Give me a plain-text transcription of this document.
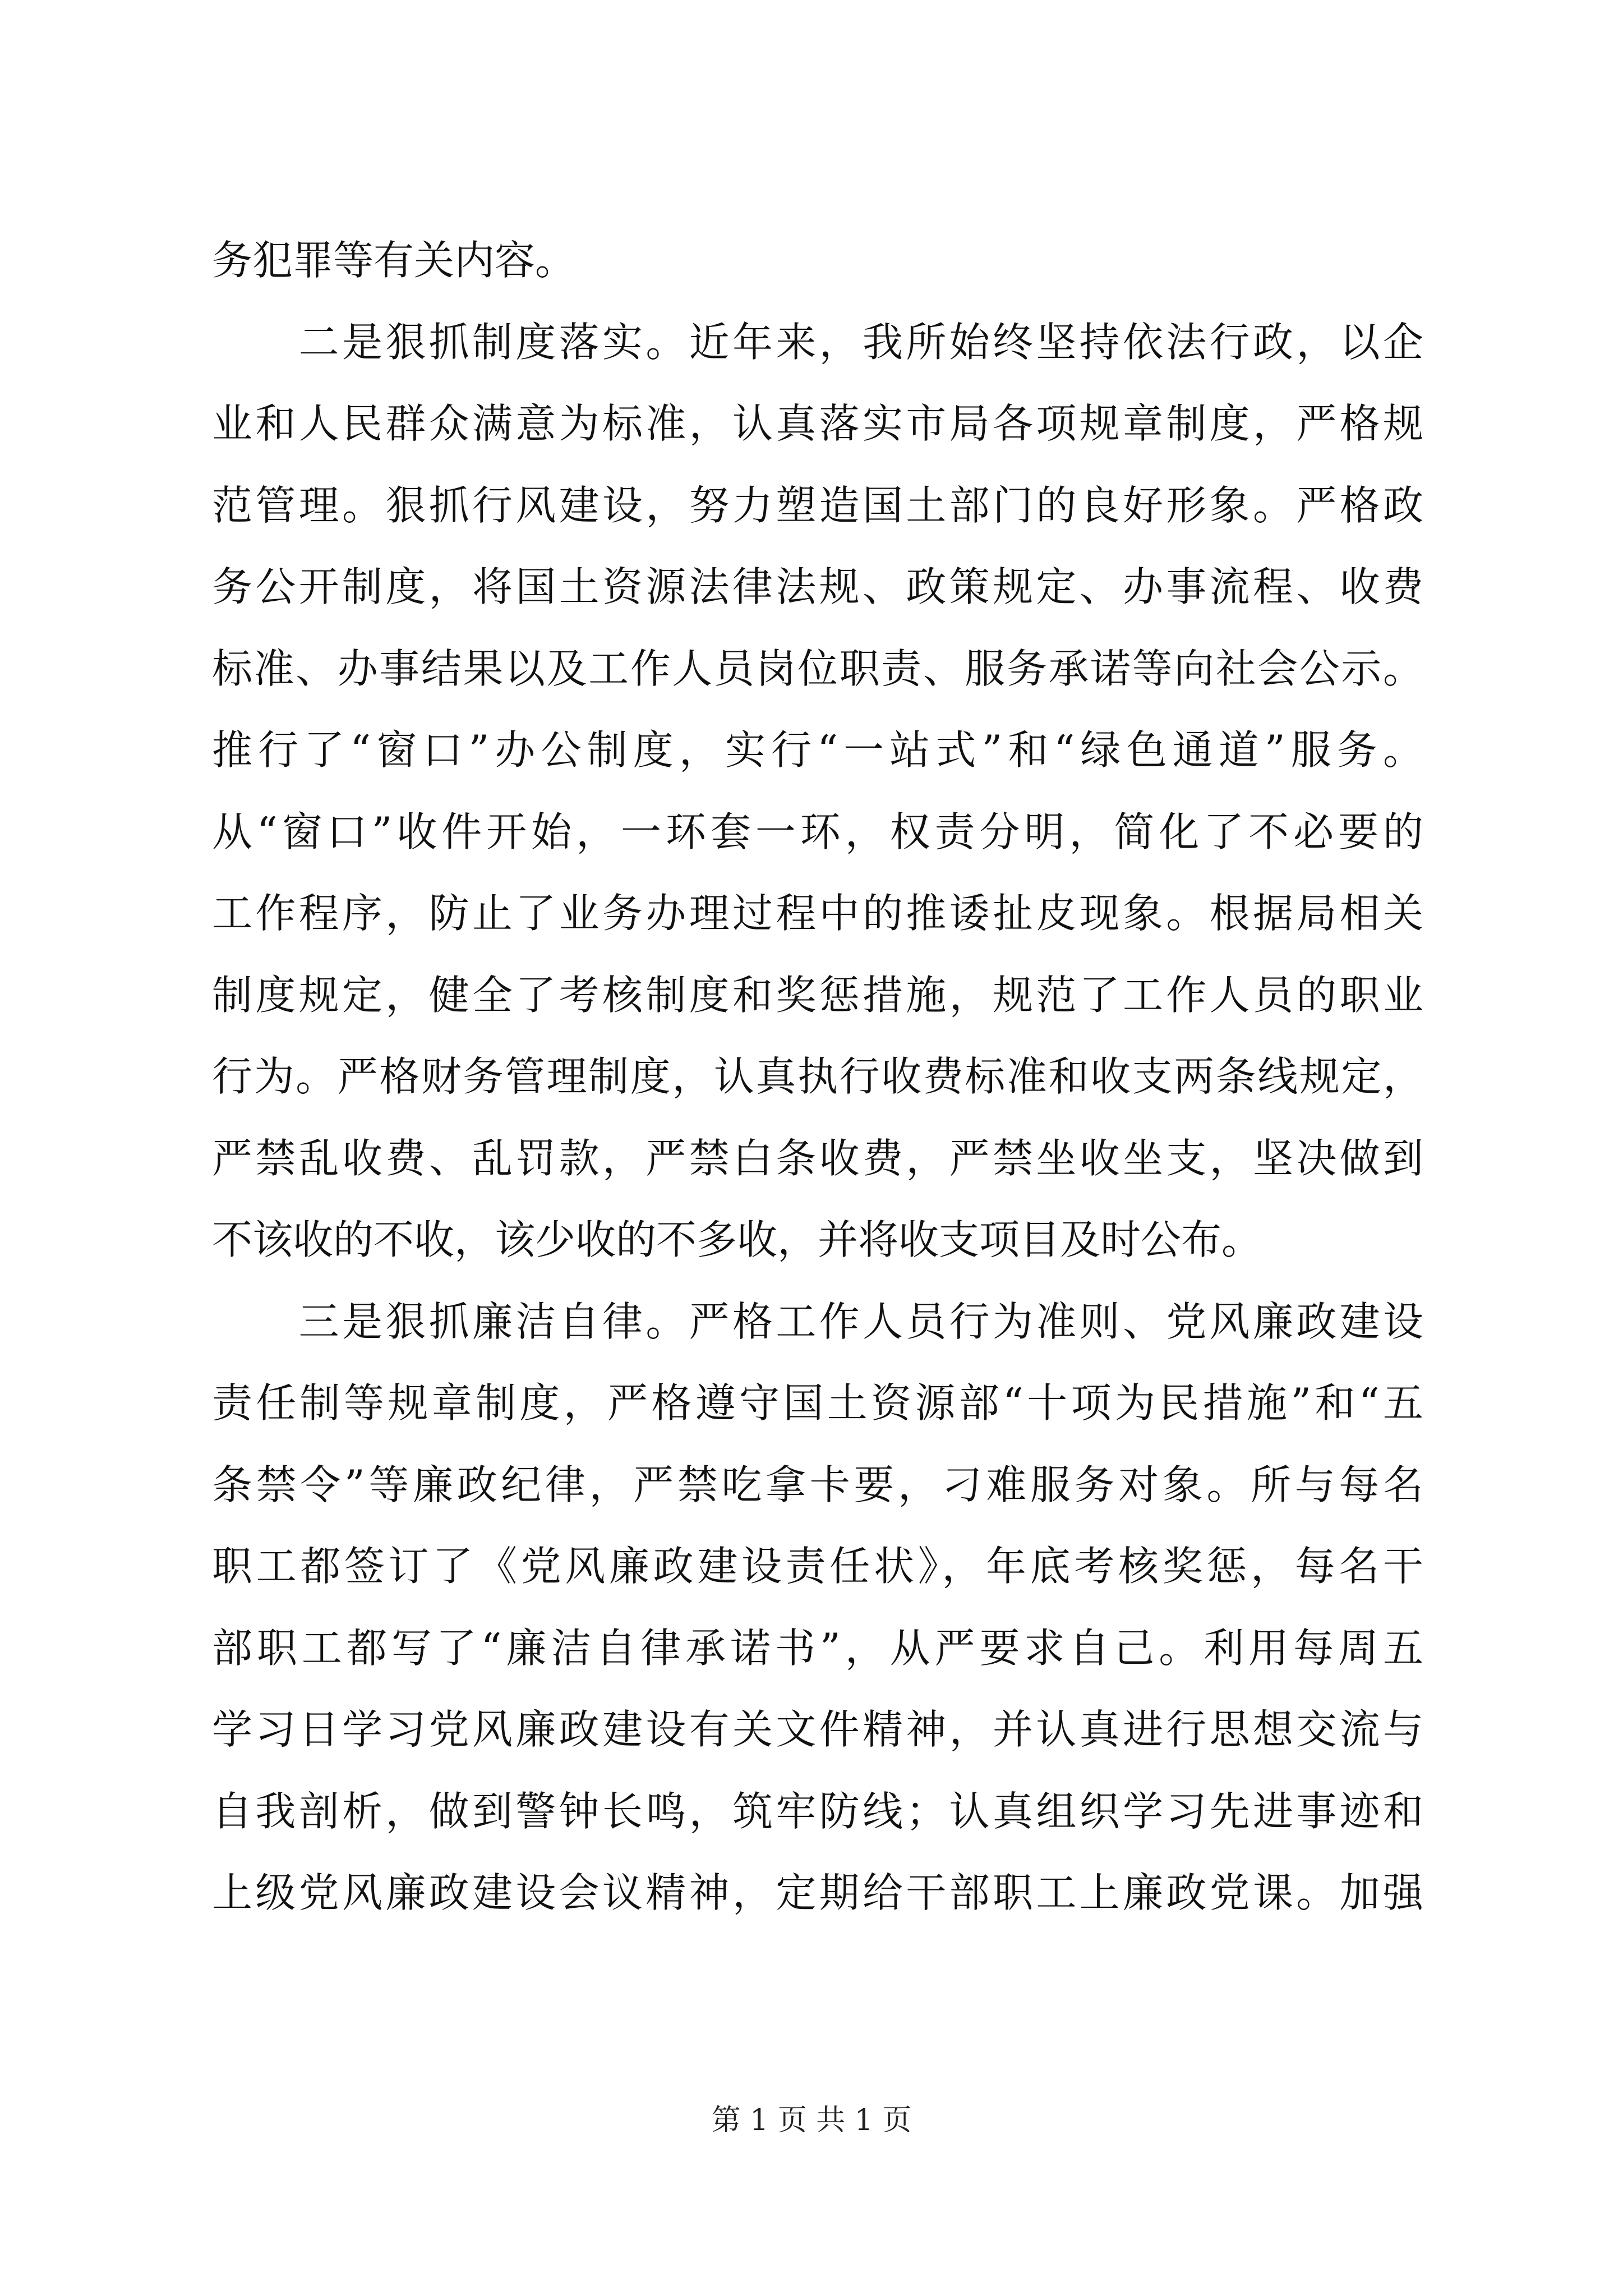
务犯罪等有关内容。
　　二是狠抓制度落实。近年来，我所始终坚持依法行政，以企
业和人民群众满意为标准，认真落实市局各项规章制度，严格规
范管理。狠抓行风建设，努力塑造国土部门的良好形象。严格政
务公开制度，将国土资源法律法规、政策规定、办事流程、收费
标准、办事结果以及工作人员岗位职责、服务承诺等向社会公示。
推行了“窗口”办公制度，实行“一站式”和“绿色通道”服务。
从“窗口”收件开始，一环套一环，权责分明，简化了不必要的
工作程序，防止了业务办理过程中的推诿扯皮现象。根据局相关
制度规定，健全了考核制度和奖惩措施，规范了工作人员的职业
行为。严格财务管理制度，认真执行收费标准和收支两条线规定，
严禁乱收费、乱罚款，严禁白条收费，严禁坐收坐支，坚决做到
不该收的不收，该少收的不多收，并将收支项目及时公布。
　　三是狠抓廉洁自律。严格工作人员行为准则、党风廉政建设
责任制等规章制度，严格遵守国土资源部“十项为民措施”和“五
条禁令”等廉政纪律，严禁吃拿卡要，刁难服务对象。所与每名
职工都签订了《党风廉政建设责任状》，年底考核奖惩，每名干
部职工都写了“廉洁自律承诺书”，从严要求自己。利用每周五
学习日学习党风廉政建设有关文件精神，并认真进行思想交流与
自我剖析，做到警钟长鸣，筑牢防线；认真组织学习先进事迹和
上级党风廉政建设会议精神，定期给干部职工上廉政党课。加强
第 1 页 共 1 页
